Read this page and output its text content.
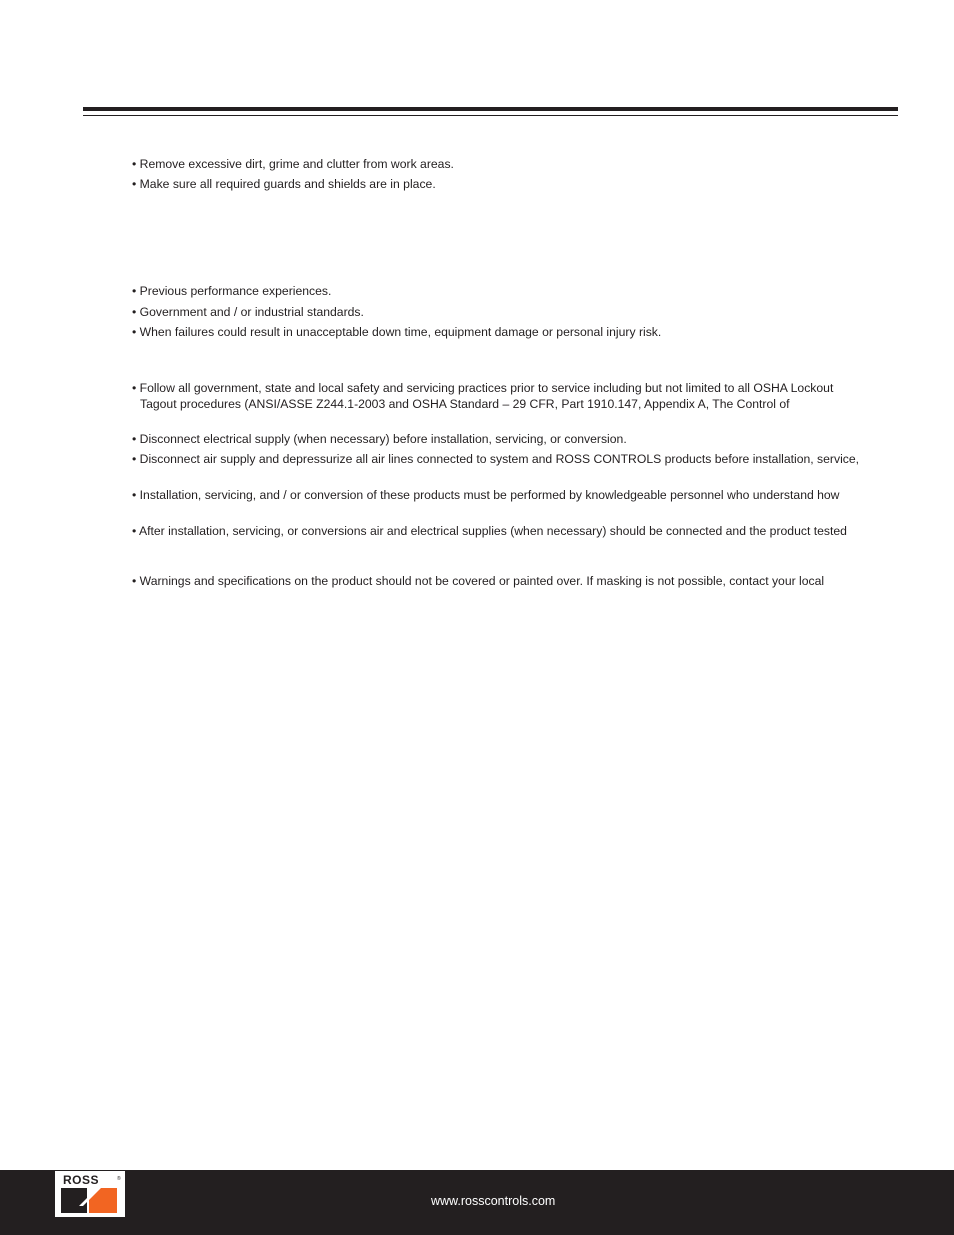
• Remove excessive dirt, grime and clutter from work areas.
• Make sure all required guards and shields are in place.
• Previous performance experiences.
• Government and / or industrial standards.
• When failures could result in unacceptable down time, equipment damage or personal injury risk.
• Follow all government, state and local safety and servicing practices prior to service including but not limited to all OSHA Lockout
Tagout procedures (ANSI/ASSE Z244.1-2003 and OSHA Standard – 29 CFR, Part 1910.147, Appendix A, The Control of
• Disconnect electrical supply (when necessary) before installation, servicing, or conversion.
• Disconnect air supply and depressurize all air lines connected to system and ROSS CONTROLS products before installation, service,
• Installation, servicing, and / or conversion of these products must be performed by knowledgeable personnel who understand how
• After installation, servicing, or conversions air and electrical supplies (when necessary) should be connected and the product tested
• Warnings and specifications on the product should not be covered or painted over. If masking is not possible, contact your local
ROSS	®
www.rosscontrols.com
